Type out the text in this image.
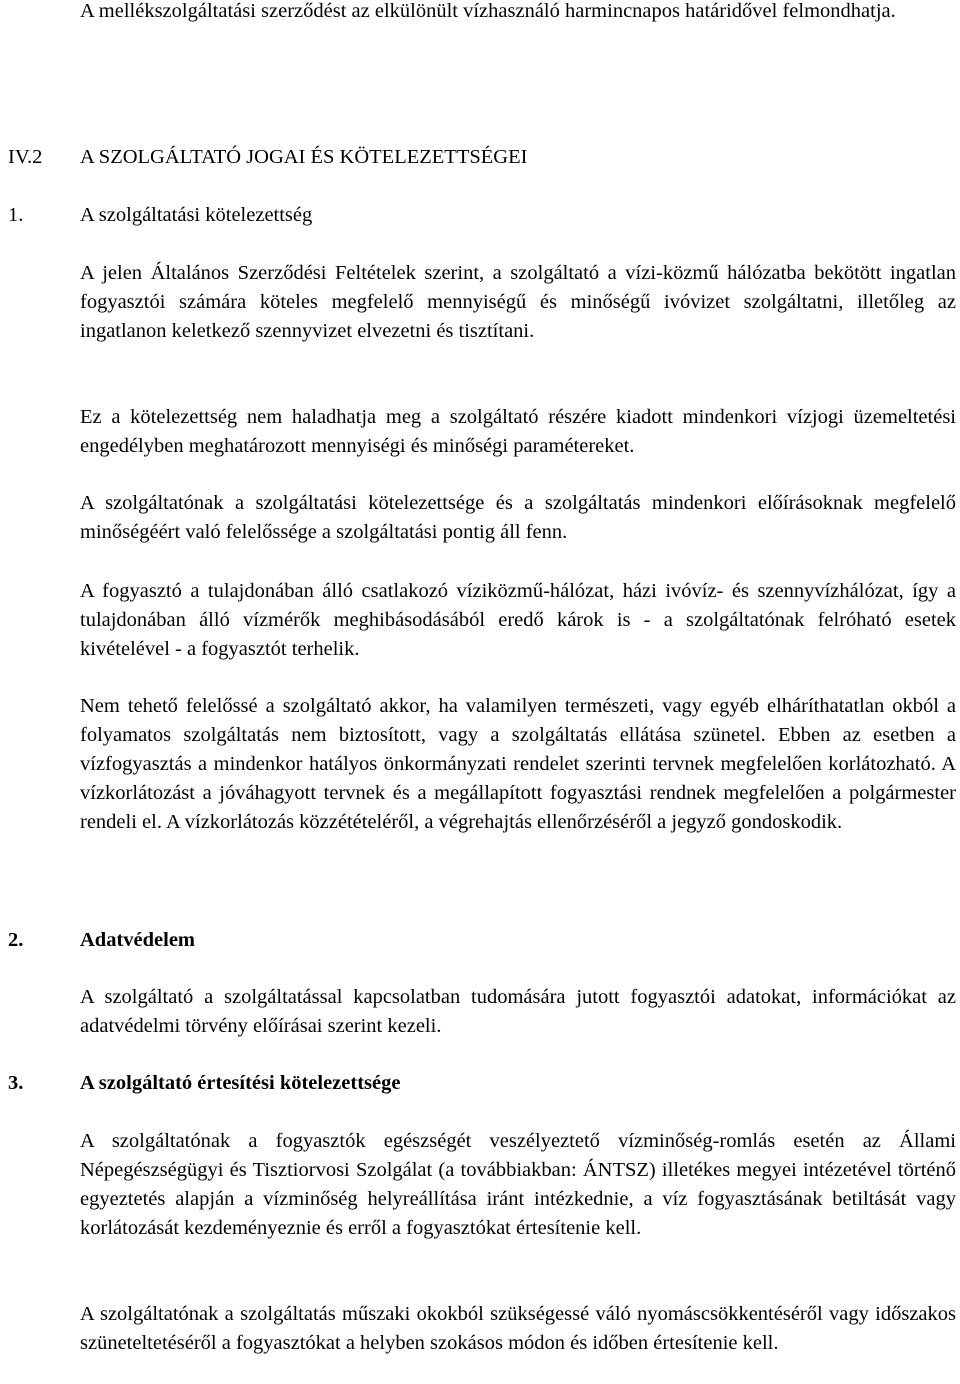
A mellékszolgáltatási szerződést az elkülönült vízhasználó harmincnapos határidővel felmondhatja.

IV.2 A SZOLGÁLTATÓ JOGAI ÉS KÖTELEZETTSÉGEI

1.	A szolgáltatási kötelezettség

A jelen Általános Szerződési Feltételek szerint, a szolgáltató a vízi-közmű hálózatba bekötött ingatlan fogyasztói számára köteles megfelelő mennyiségű és minőségű ivóvizet szolgáltatni, illetőleg az ingatlanon keletkező szennyvizet elvezetni és tisztítani.

Ez a kötelezettség nem haladhatja meg a szolgáltató részére kiadott mindenkori vízjogi üzemeltetési engedélyben meghatározott mennyiségi és minőségi paramétereket.

A szolgáltatónak a szolgáltatási kötelezettsége és a szolgáltatás mindenkori előírásoknak megfelelő minőségéért való felelőssége a szolgáltatási pontig áll fenn.

A fogyasztó a tulajdonában álló csatlakozó víziközmű-hálózat, házi ivóvíz- és szennyvízhálózat, így a tulajdonában álló vízmérők meghibásodásából eredő károk is - a szolgáltatónak felróható esetek kivételével - a fogyasztót terhelik.

Nem tehető felelőssé a szolgáltató akkor, ha valamilyen természeti, vagy egyéb elháríthatatlan okból a folyamatos szolgáltatás nem biztosított, vagy a szolgáltatás ellátása szünetel. Ebben az esetben a vízfogyasztás a mindenkor hatályos önkormányzati rendelet szerinti tervnek megfelelően korlátozható. A vízkorlátozást a jóváhagyott tervnek és a megállapított fogyasztási rendnek megfelelően a polgármester rendeli el. A vízkorlátozás közzétételéről, a végrehajtás ellenőrzéséről a jegyző gondoskodik.

2.	Adatvédelem

A szolgáltató a szolgáltatással kapcsolatban tudomására jutott fogyasztói adatokat, információkat az adatvédelmi törvény előírásai szerint kezeli.

3.	A szolgáltató értesítési kötelezettsége

A szolgáltatónak a fogyasztók egészségét veszélyeztető vízminőség-romlás esetén az Állami Népegészségügyi és Tisztiorvosi Szolgálat (a továbbiakban: ÁNTSZ) illetékes megyei intézetével történő egyeztetés alapján a vízminőség helyreállítása iránt intézkednie, a víz fogyasztásának betiltását vagy korlátozását kezdeményeznie és erről a fogyasztókat értesítenie kell.

A szolgáltatónak a szolgáltatás műszaki okokból szükségessé váló nyomáscsökkentéséről vagy időszakos szüneteltetéséről a fogyasztókat a helyben szokásos módon és időben értesítenie kell.
